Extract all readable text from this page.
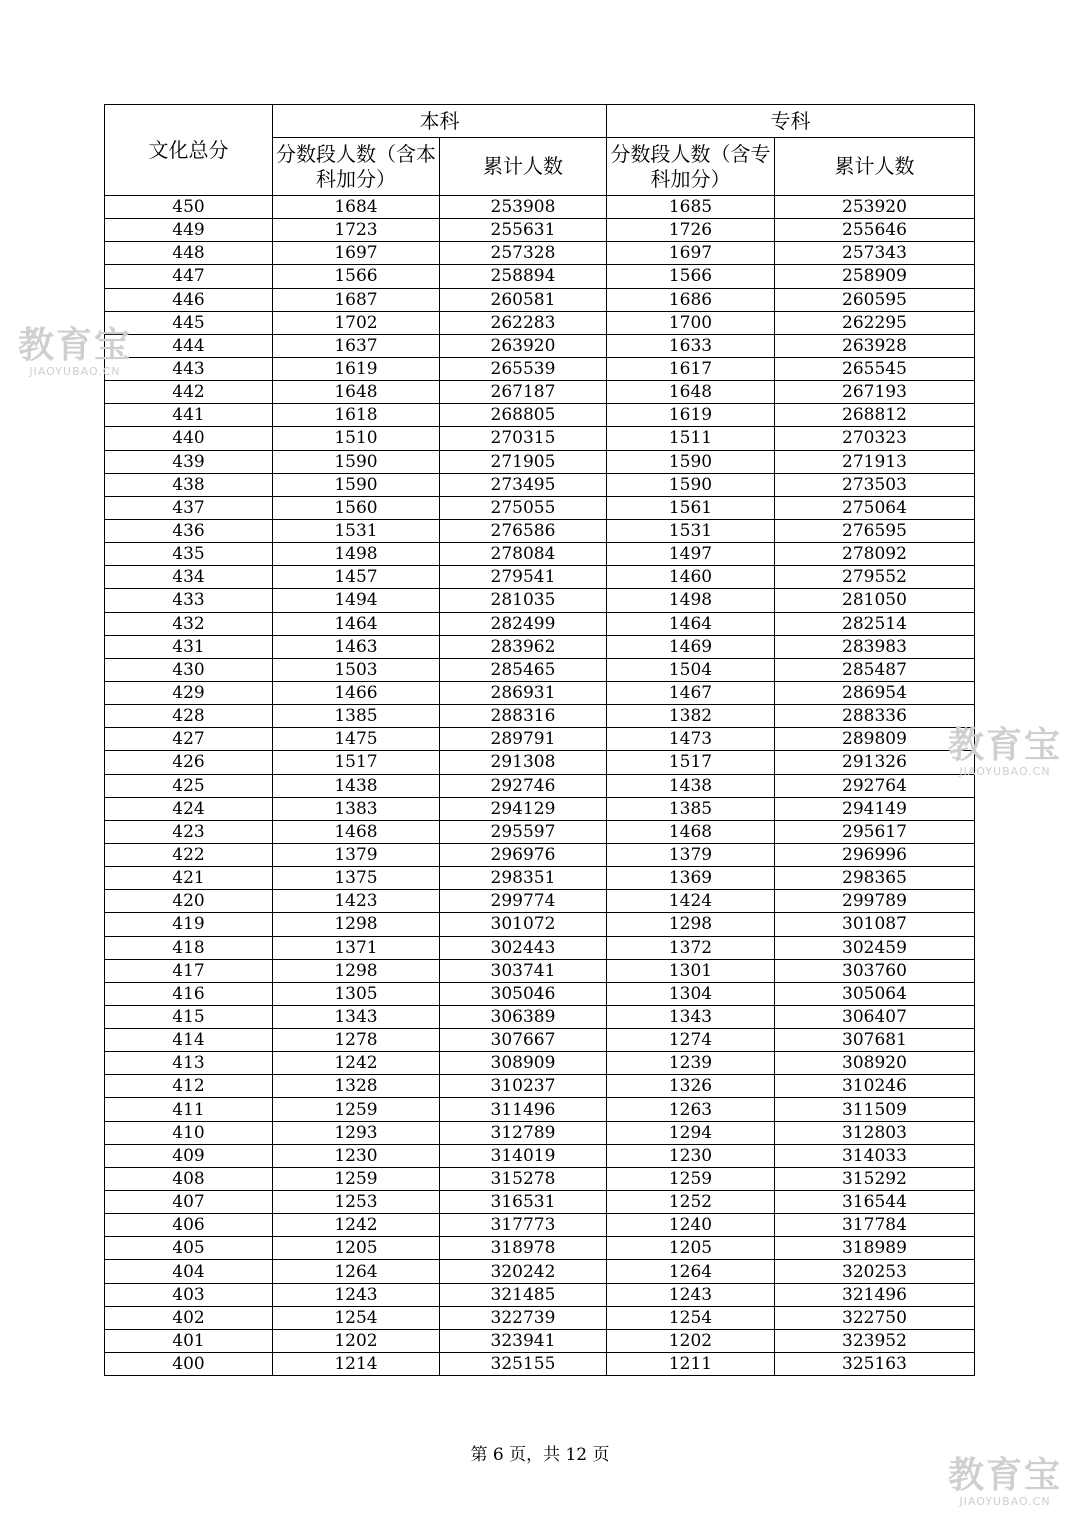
文化总分	本科		专科	
	分数段人数（含本科加分）	累计人数	分数段人数（含专科加分）	累计人数
450	1684	253908	1685	253920
449	1723	255631	1726	255646
448	1697	257328	1697	257343
447	1566	258894	1566	258909
446	1687	260581	1686	260595
445	1702	262283	1700	262295
444	1637	263920	1633	263928
443	1619	265539	1617	265545
442	1648	267187	1648	267193
441	1618	268805	1619	268812
440	1510	270315	1511	270323
439	1590	271905	1590	271913
438	1590	273495	1590	273503
437	1560	275055	1561	275064
436	1531	276586	1531	276595
435	1498	278084	1497	278092
434	1457	279541	1460	279552
433	1494	281035	1498	281050
432	1464	282499	1464	282514
431	1463	283962	1469	283983
430	1503	285465	1504	285487
429	1466	286931	1467	286954
428	1385	288316	1382	288336
427	1475	289791	1473	289809
426	1517	291308	1517	291326
425	1438	292746	1438	292764
424	1383	294129	1385	294149
423	1468	295597	1468	295617
422	1379	296976	1379	296996
421	1375	298351	1369	298365
420	1423	299774	1424	299789
419	1298	301072	1298	301087
418	1371	302443	1372	302459
417	1298	303741	1301	303760
416	1305	305046	1304	305064
415	1343	306389	1343	306407
414	1278	307667	1274	307681
413	1242	308909	1239	308920
412	1328	310237	1326	310246
411	1259	311496	1263	311509
410	1293	312789	1294	312803
409	1230	314019	1230	314033
408	1259	315278	1259	315292
407	1253	316531	1252	316544
406	1242	317773	1240	317784
405	1205	318978	1205	318989
404	1264	320242	1264	320253
403	1243	321485	1243	321496
402	1254	322739	1254	322750
401	1202	323941	1202	323952
400	1214	325155	1211	325163
第 6 页，共 12 页
教育宝
JIAOYUBAO.CN
教育宝
JIAOYUBAO.CN
教育宝
JIAOYUBAO.CN
